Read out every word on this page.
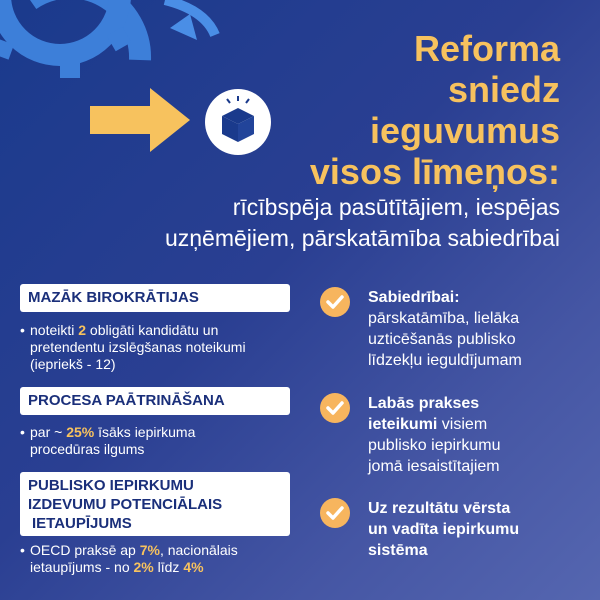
Reforma
sniedz
ieguvumus
visos līmeņos:
rīcībspēja pasūtītājiem, iespējas
uzņēmējiem, pārskatāmība sabiedrībai
MAZĀK BIROKRĀTIJAS
• noteikti 2 obligāti kandidātu un
pretendentu izslēgšanas noteikumi
(iepriekš - 12)
PROCESA PAĀTRINĀŠANA
• par ~ 25% īsāks iepirkuma
procedūras ilgums
PUBLISKO IEPIRKUMU
IZDEVUMU POTENCIĀLAIS
IETAUPĪJUMS
• OECD praksē ap 7%, nacionālais
ietaupījums - no 2% līdz 4%
Sabiedrībai:
pārskatāmība, lielāka
uzticēšanās publisko
līdzekļu ieguldījumam
Labās prakses
ieteikumi visiem
publisko iepirkumu
jomā iesaistītajiem
Uz rezultātu vērsta
un vadīta iepirkumu
sistēma
